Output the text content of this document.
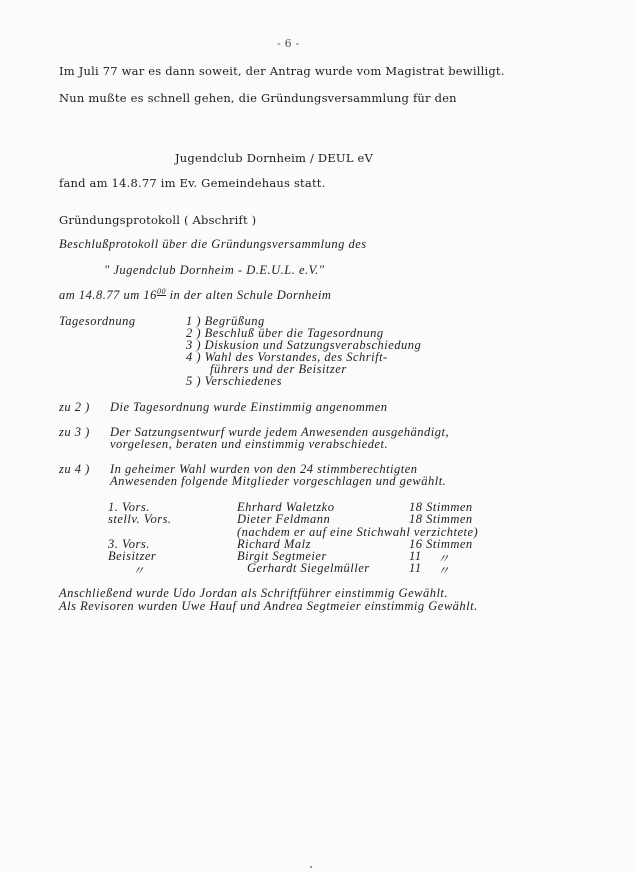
- 6 -
Im Juli 77 war es dann soweit, der Antrag wurde vom Magistrat bewilligt.
Nun mußte es schnell gehen, die Gründungsversammlung für den
Jugendclub Dornheim / DEUL eV
fand am 14.8.77 im Ev. Gemeindehaus statt.
Gründungsprotokoll ( Abschrift )
Beschlußprotokoll über die Gründungsversammlung des
" Jugendclub Dornheim - D.E.U.L. e.V."
am 14.8.77 um $16^{00}$ in der alten Schule Dornheim
Tagesordnung	1 ) Begrüßung
2 ) Beschluß über die Tagesordnung
3 ) Diskusion und Satzungsverabschiedung
4 ) Wahl des Vorstandes, des Schrift-
führers und der Beisitzer
5 ) Verschiedenes
zu 2 ) Die Tagesordnung wurde Einstimmig angenommen
zu 3 ) Der Satzungsentwurf wurde jedem Anwesenden ausgehändigt,
vorgelesen, beraten und einstimmig verabschiedet.
zu 4 ) In geheimer Wahl wurden von den 24 stimmberechtigten
Anwesenden folgende Mitglieder vorgeschlagen und gewählt.
1. Vors.	Ehrhard Waletzko	18 Stimmen
stellv. Vors.	Dieter Feldmann	18 Stimmen
(nachdem er auf eine Stichwahl verzichtete)
3. Vors.	Richard Malz	16 Stimmen
Beisitzer	Birgit Segtmeier	11 〃
〃	Gerhardt Siegelmüller	11 〃
Anschließend wurde Udo Jordan als Schriftführer einstimmig Gewählt.
Als Revisoren wurden Uwe Hauf und Andrea Segtmeier einstimmig Gewählt.
